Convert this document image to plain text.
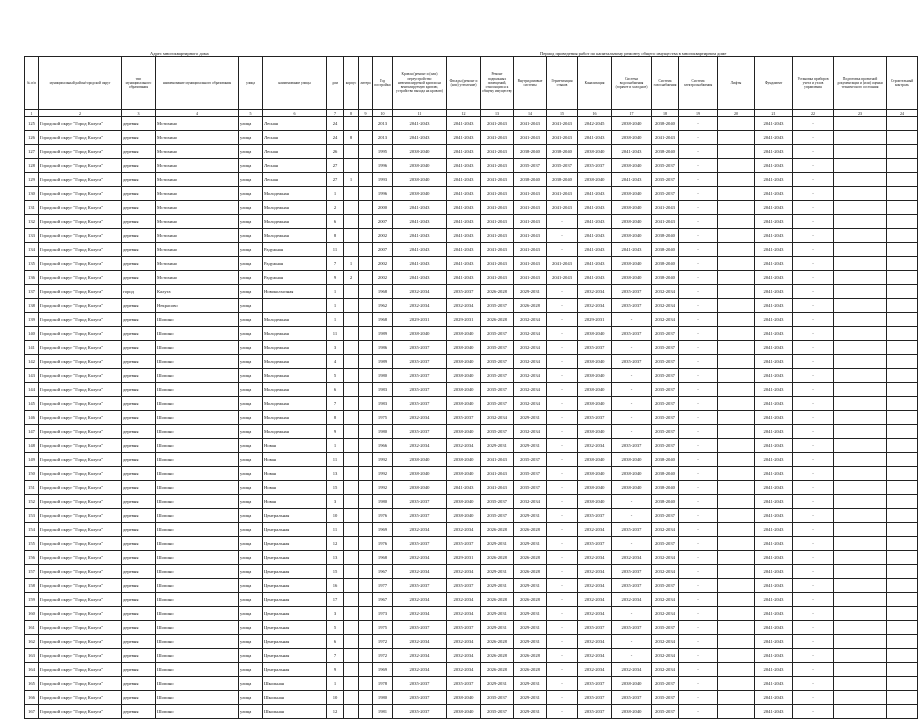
Адрес многоквартирного дома	Период проведения работ по капитальному ремонту общего имущества в многоквартирном доме
№ п/п	муниципальный район/городской округ	тип муниципального образования	наименование муниципального образования	улица	наименование улицы	дом	корпус	литера	Год постройки	Кровля (ремонт и (или) переустройство невентилируемой кровли на вентилируемую кровлю, устройство выхода на кровлю)	Фасады (ремонт и (или) утепление)	Ремонт подвальных помещений, относящихся к общему имуществу	Внутридомовые системы	Герметизация стыков	Канализация	Система водоснабжения (горячее и холодное)	Система газоснабжения	Система электроснабжения	Лифты	Фундамент	Установка приборов учета и узлов управления	Подготовка проектной документации и (или) оценки технического состояния	Строительный контроль
1	2	3	4	5	6	7	8	9	10	11	12	13	14	15	16	17	18	19	20	21	22	23	24
125	Городской округ "Город Калуга"	деревня	Мстихино	улица	Лесная	24			2013	2041-2043	2041-2043	2041-2043	2041-2043	2041-2043	2042-2045	2038-2040	2038-2040	-		2041-2043	-		
126	Городской округ "Город Калуга"	деревня	Мстихино	улица	Лесная	24	8		2013	2041-2043	2041-2043	2041-2043	2041-2043	2041-2043	2041-2043	2038-2040	2041-2043	-		2041-2043	-		
127	Городской округ "Город Калуга"	деревня	Мстихино	улица	Лесная	26			1995	2038-2040	2041-2043	2041-2043	2038-2040	2038-2040	2038-2040	2041-2043	2038-2040	-		2041-2043	-		
128	Городской округ "Город Калуга"	деревня	Мстихино	улица	Лесная	27			1996	2038-2040	2041-2043	2041-2043	2035-2037	2035-2037	2035-2037	2038-2040	2035-2037	-		2041-2043	-		
129	Городской округ "Город Калуга"	деревня	Мстихино	улица	Лесная	27	1		1993	2038-2040	2041-2043	2041-2043	2038-2040	2038-2040	2038-2040	2041-2043	2035-2037	-		2041-2043	-		
130	Городской округ "Город Калуга"	деревня	Мстихино	улица	Молодежная	1			1996	2038-2040	2041-2043	2041-2043	2041-2043	2041-2043	2041-2043	2038-2040	2035-2037	-		2041-2043	-		
131	Городской округ "Город Калуга"	деревня	Мстихино	улица	Молодежная	2			2000	2041-2043	2041-2043	2041-2043	2041-2043	2041-2043	2041-2043	2038-2040	2041-2043	-		2041-2043	-		
132	Городской округ "Город Калуга"	деревня	Мстихино	улица	Молодежная	6			2007	2041-2043	2041-2043	2041-2043	2041-2043	-	2041-2043	2038-2040	2041-2043	-		2041-2043	-		
133	Городской округ "Город Калуга"	деревня	Мстихино	улица	Молодежная	8			2002	2041-2043	2041-2043	2041-2043	2041-2043	-	2041-2043	2038-2040	2038-2040	-		2041-2043	-		
134	Городской округ "Город Калуга"	деревня	Мстихино	улица	Радужная	11			2007	2041-2043	2041-2043	2041-2043	2041-2043	-	2041-2043	2041-2043	2038-2040	-		2041-2043	-		
135	Городской округ "Город Калуга"	деревня	Мстихино	улица	Радужная	7	1		2002	2041-2043	2041-2043	2041-2043	2041-2043	2041-2043	2041-2043	2038-2040	2038-2040	-		2041-2043	-		
136	Городской округ "Город Калуга"	деревня	Мстихино	улица	Радужная	9	2		2002	2041-2043	2041-2043	2041-2043	2041-2043	2041-2043	2041-2043	2038-2040	2038-2040	-		2041-2043	-		
137	Городской округ "Город Калуга"	город	Калуга	улица	Новоколхозная	1			1968	2032-2034	2035-2037	2026-2028	2029-2031	-	2032-2034	2035-2037	2032-2034	-		2041-2043	-		
138	Городской округ "Город Калуга"	деревня	Некрасово	улица		1			1962	2032-2034	2032-2034	2035-2037	2026-2028	-	2032-2034	2035-2037	2032-2034	-		2041-2043	-		
139	Городской округ "Город Калуга"	деревня	Шопино	улица	Молодежная	1			1968	2029-2031	2029-2031	2026-2028	2032-2034	-	2029-2031	-	2032-2034	-		2041-2043	-		
140	Городской округ "Город Калуга"	деревня	Шопино	улица	Молодежная	11			1989	2038-2040	2038-2040	2035-2037	2032-2034	-	2038-2040	2035-2037	2035-2037	-		2041-2043	-		
141	Городской округ "Город Калуга"	деревня	Шопино	улица	Молодежная	3			1986	2035-2037	2038-2040	2035-2037	2032-2034	-	2035-2037	-	2035-2037	-		2041-2043	-		
142	Городской округ "Город Калуга"	деревня	Шопино	улица	Молодежная	4			1989	2035-2037	2038-2040	2035-2037	2032-2034	-	2038-2040	2035-2037	2035-2037	-		2041-2043	-		
143	Городской округ "Город Калуга"	деревня	Шопино	улица	Молодежная	5			1980	2035-2037	2038-2040	2035-2037	2032-2034	-	2038-2040	-	2035-2037	-		2041-2043	-		
144	Городской округ "Город Калуга"	деревня	Шопино	улица	Молодежная	6			1983	2035-2037	2038-2040	2035-2037	2032-2034	-	2038-2040	-	2035-2037	-		2041-2043	-		
145	Городской округ "Город Калуга"	деревня	Шопино	улица	Молодежная	7			1983	2035-2037	2038-2040	2035-2037	2032-2034	-	2038-2040	-	2035-2037	-		2041-2043	-		
146	Городской округ "Город Калуга"	деревня	Шопино	улица	Молодежная	8			1975	2032-2034	2035-2037	2032-2034	2029-2031	-	2035-2037	-	2035-2037	-		2041-2043	-		
147	Городской округ "Город Калуга"	деревня	Шопино	улица	Молодежная	9			1980	2035-2037	2038-2040	2035-2037	2032-2034	-	2038-2040	-	2035-2037	-		2041-2043	-		
148	Городской округ "Город Калуга"	деревня	Шопино	улица	Новая	1			1966	2032-2034	2032-2034	2029-2031	2029-2031	-	2032-2034	2035-2037	2035-2037	-		2041-2043	-		
149	Городской округ "Город Калуга"	деревня	Шопино	улица	Новая	11			1992	2038-2040	2038-2040	2041-2043	2035-2037	-	2038-2040	2038-2040	2038-2040	-		2041-2043	-		
150	Городской округ "Город Калуга"	деревня	Шопино	улица	Новая	13			1992	2038-2040	2038-2040	2041-2043	2035-2037	-	2038-2040	2038-2040	2038-2040	-		2041-2043	-		
151	Городской округ "Город Калуга"	деревня	Шопино	улица	Новая	15			1992	2038-2040	2041-2043	2041-2043	2035-2037	-	2038-2040	2038-2040	2038-2040	-		2041-2043	-		
152	Городской округ "Город Калуга"	деревня	Шопино	улица	Новая	3			1980	2035-2037	2038-2040	2035-2037	2032-2034	-	2038-2040	-	2038-2040	-		2041-2043	-		
153	Городской округ "Город Калуга"	деревня	Шопино	улица	Центральная	10			1976	2035-2037	2038-2040	2035-2037	2029-2031	-	2035-2037	-	2035-2037	-		2041-2043	-		
154	Городской округ "Город Калуга"	деревня	Шопино	улица	Центральная	11			1969	2032-2034	2032-2034	2026-2028	2026-2028	-	2032-2034	2035-2037	2032-2034	-		2041-2043	-		
155	Городской округ "Город Калуга"	деревня	Шопино	улица	Центральная	12			1976	2035-2037	2035-2037	2029-2031	2029-2031	-	2035-2037	-	2035-2037	-		2041-2043	-		
156	Городской округ "Город Калуга"	деревня	Шопино	улица	Центральная	13			1968	2032-2034	2029-2031	2026-2028	2026-2028	-	2032-2034	2032-2034	2032-2034	-		2041-2043	-		
157	Городской округ "Город Калуга"	деревня	Шопино	улица	Центральная	15			1967	2032-2034	2032-2034	2029-2031	2026-2028	-	2032-2034	2035-2037	2032-2034	-		2041-2043	-		
158	Городской округ "Город Калуга"	деревня	Шопино	улица	Центральная	16			1977	2035-2037	2035-2037	2029-2031	2029-2031	-	2032-2034	2035-2037	2035-2037	-		2041-2043	-		
159	Городской округ "Город Калуга"	деревня	Шопино	улица	Центральная	17			1967	2032-2034	2032-2034	2026-2028	2026-2028	-	2032-2034	2032-2034	2032-2034	-		2041-2043	-		
160	Городской округ "Город Калуга"	деревня	Шопино	улица	Центральная	3			1973	2032-2034	2032-2034	2029-2031	2029-2031	-	2032-2034	-	2032-2034	-		2041-2043	-		
161	Городской округ "Город Калуга"	деревня	Шопино	улица	Центральная	5			1975	2035-2037	2035-2037	2029-2031	2029-2031	-	2035-2037	2035-2037	2035-2037	-		2041-2043	-		
162	Городской округ "Город Калуга"	деревня	Шопино	улица	Центральная	6			1972	2032-2034	2032-2034	2026-2028	2029-2031	-	2032-2034	-	2032-2034	-		2041-2043	-		
163	Городской округ "Город Калуга"	деревня	Шопино	улица	Центральная	7			1972	2032-2034	2032-2034	2026-2028	2026-2028	-	2032-2034	-	2032-2034	-		2041-2043	-		
164	Городской округ "Город Калуга"	деревня	Шопино	улица	Центральная	9			1969	2032-2034	2032-2034	2026-2028	2026-2028	-	2032-2034	2032-2034	2032-2034	-		2041-2043	-		
165	Городской округ "Город Калуга"	деревня	Шопино	улица	Школьная	1			1978	2035-2037	2035-2037	2029-2031	2029-2031	-	2035-2037	2038-2040	2035-2037	-		2041-2043	-		
166	Городской округ "Город Калуга"	деревня	Шопино	улица	Школьная	10			1980	2035-2037	2038-2040	2035-2037	2029-2031	-	2035-2037	2035-2037	2035-2037	-		2041-2043	-		
167	Городской округ "Город Калуга"	деревня	Шопино	улица	Школьная	12			1981	2035-2037	2038-2040	2035-2037	2029-2031	-	2035-2037	2038-2040	2035-2037	-		2041-2043	-		
